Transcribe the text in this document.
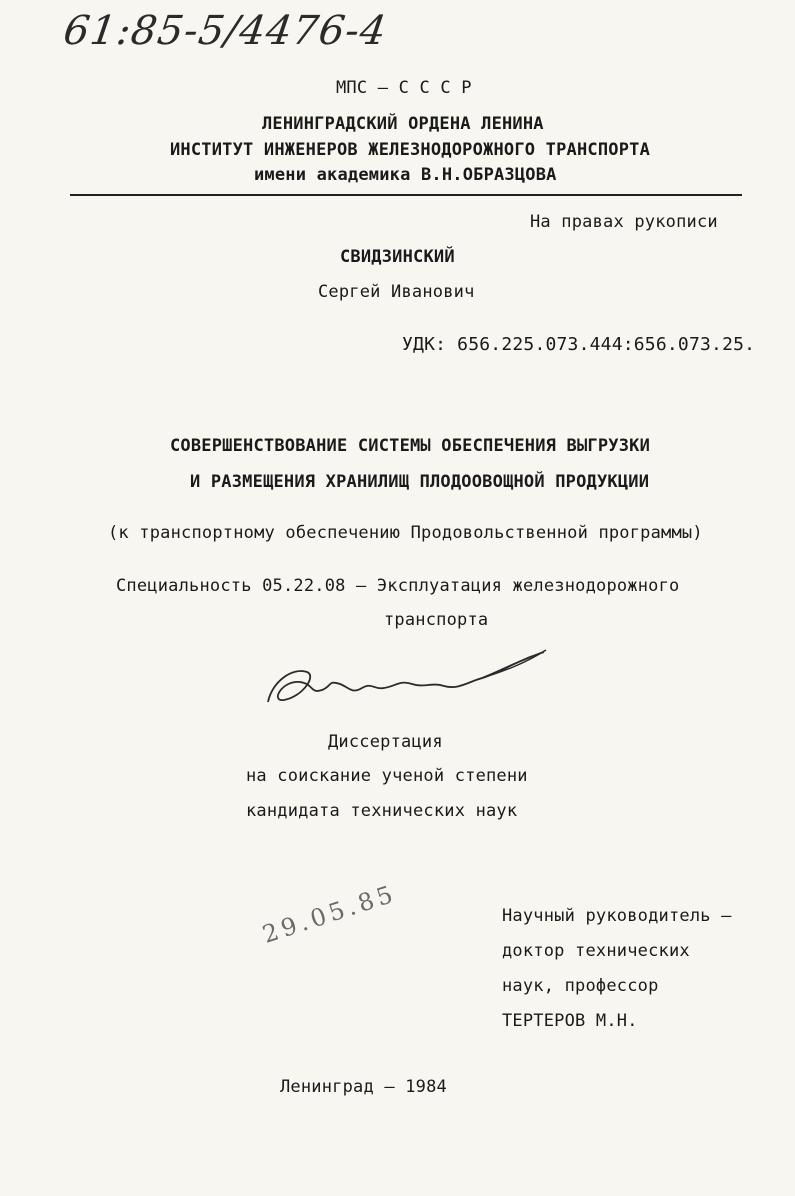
61:85-5/4476-4
МПС – С С С Р
ЛЕНИНГРАДСКИЙ ОРДЕНА ЛЕНИНА
ИНСТИТУТ ИНЖЕНЕРОВ ЖЕЛЕЗНОДОРОЖНОГО ТРАНСПОРТА
имени академика В.Н.ОБРАЗЦОВА
На правах рукописи
СВИДЗИНСКИЙ
Сергей Иванович
УДК: 656.225.073.444:656.073.25.
СОВЕРШЕНСТВОВАНИЕ СИСТЕМЫ ОБЕСПЕЧЕНИЯ ВЫГРУЗКИ
И РАЗМЕЩЕНИЯ ХРАНИЛИЩ ПЛОДООВОЩНОЙ ПРОДУКЦИИ
(к транспортному обеспечению Продовольственной программы)
Специальность 05.22.08 – Эксплуатация железнодорожного
транспорта
Диссертация
на соискание ученой степени
кандидата технических наук
29.05.85	Научный руководитель –
доктор технических
наук, профессор
ТЕРТЕРОВ М.Н.
Ленинград – 1984
